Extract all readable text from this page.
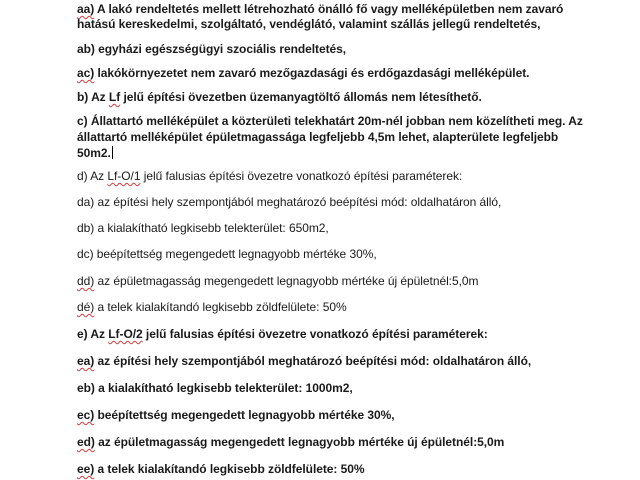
aa) A lakó rendeltetés mellett létrehozható önálló fő vagy melléképületben nem zavaró

hatású kereskedelmi, szolgáltató, vendéglátó, valamint szállás jellegű rendeltetés,

ab) egyházi egészségügyi szociális rendeltetés,

ac) lakókörnyezetet nem zavaró mezőgazdasági és erdőgazdasági melléképület.

b) Az Lf jelű építési övezetben üzemanyagtöltő állomás nem létesíthető.

c) Állattartó melléképület a közterületi telekhatárt 20m-nél jobban nem közelítheti meg. Az

állattartó melléképület épületmagassága legfeljebb 4,5m lehet, alapterülete legfeljebb

50m2.

d) Az Lf-O/1 jelű falusias építési övezetre vonatkozó építési paraméterek:

da) az építési hely szempontjából meghatározó beépítési mód: oldalhatáron álló,

db) a kialakítható legkisebb telekterület: 650m2,

dc) beépítettség megengedett legnagyobb mértéke 30%,

dd) az épületmagasság megengedett legnagyobb mértéke új épületnél:5,0m

dé) a telek kialakítandó legkisebb zöldfelülete: 50%

e) Az Lf-O/2 jelű falusias építési övezetre vonatkozó építési paraméterek:

ea) az építési hely szempontjából meghatározó beépítési mód: oldalhatáron álló,

eb) a kialakítható legkisebb telekterület: 1000m2,

ec) beépítettség megengedett legnagyobb mértéke 30%,

ed) az épületmagasság megengedett legnagyobb mértéke új épületnél:5,0m

ee) a telek kialakítandó legkisebb zöldfelülete: 50%
